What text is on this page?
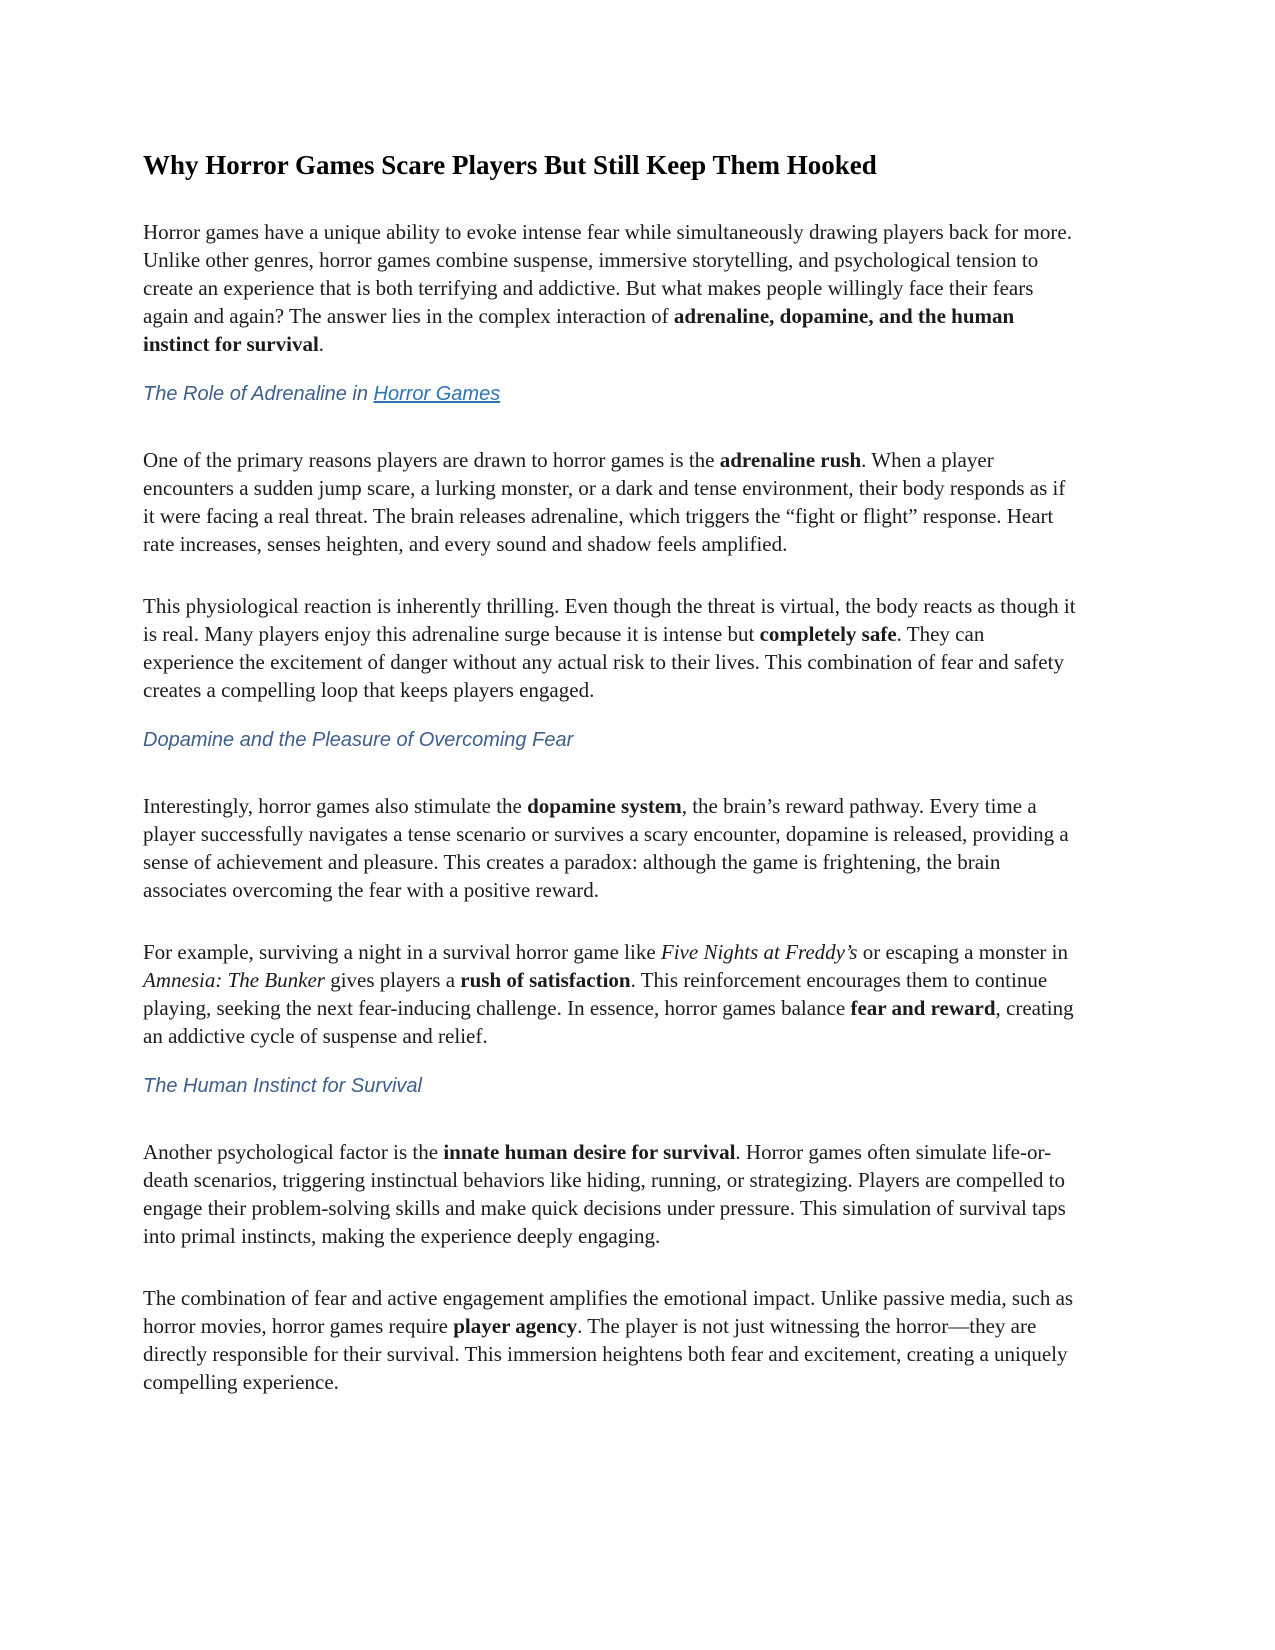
Why Horror Games Scare Players But Still Keep Them Hooked

Horror games have a unique ability to evoke intense fear while simultaneously drawing players back for more. Unlike other genres, horror games combine suspense, immersive storytelling, and psychological tension to create an experience that is both terrifying and addictive. But what makes people willingly face their fears again and again? The answer lies in the complex interaction of adrenaline, dopamine, and the human instinct for survival.

The Role of Adrenaline in Horror Games

One of the primary reasons players are drawn to horror games is the adrenaline rush. When a player encounters a sudden jump scare, a lurking monster, or a dark and tense environment, their body responds as if it were facing a real threat. The brain releases adrenaline, which triggers the “fight or flight” response. Heart rate increases, senses heighten, and every sound and shadow feels amplified.

This physiological reaction is inherently thrilling. Even though the threat is virtual, the body reacts as though it is real. Many players enjoy this adrenaline surge because it is intense but completely safe. They can experience the excitement of danger without any actual risk to their lives. This combination of fear and safety creates a compelling loop that keeps players engaged.

Dopamine and the Pleasure of Overcoming Fear

Interestingly, horror games also stimulate the dopamine system, the brain’s reward pathway. Every time a player successfully navigates a tense scenario or survives a scary encounter, dopamine is released, providing a sense of achievement and pleasure. This creates a paradox: although the game is frightening, the brain associates overcoming the fear with a positive reward.

For example, surviving a night in a survival horror game like Five Nights at Freddy’s or escaping a monster in Amnesia: The Bunker gives players a rush of satisfaction. This reinforcement encourages them to continue playing, seeking the next fear-inducing challenge. In essence, horror games balance fear and reward, creating an addictive cycle of suspense and relief.

The Human Instinct for Survival

Another psychological factor is the innate human desire for survival. Horror games often simulate life-or-death scenarios, triggering instinctual behaviors like hiding, running, or strategizing. Players are compelled to engage their problem-solving skills and make quick decisions under pressure. This simulation of survival taps into primal instincts, making the experience deeply engaging.

The combination of fear and active engagement amplifies the emotional impact. Unlike passive media, such as horror movies, horror games require player agency. The player is not just witnessing the horror—they are directly responsible for their survival. This immersion heightens both fear and excitement, creating a uniquely compelling experience.
